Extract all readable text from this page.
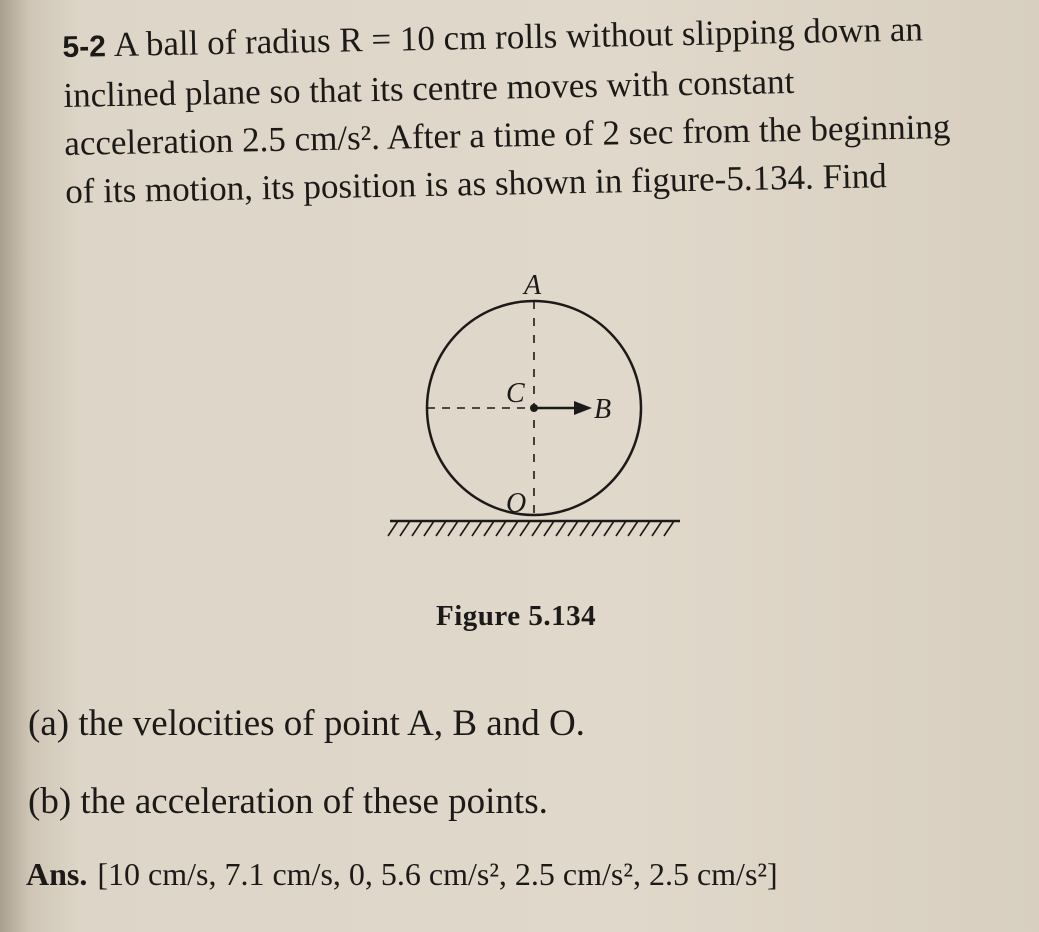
5-2 A ball of radius R = 10 cm rolls without slipping down an
inclined plane so that its centre moves with constant
acceleration 2.5 cm/s². After a time of 2 sec from the beginning
of its motion, its position is as shown in figure-5.134. Find

A
C
B
O
Figure 5.134
(a) the velocities of point A, B and O.
(b) the acceleration of these points.
Ans. [10 cm/s, 7.1 cm/s, 0, 5.6 cm/s², 2.5 cm/s², 2.5 cm/s²]
